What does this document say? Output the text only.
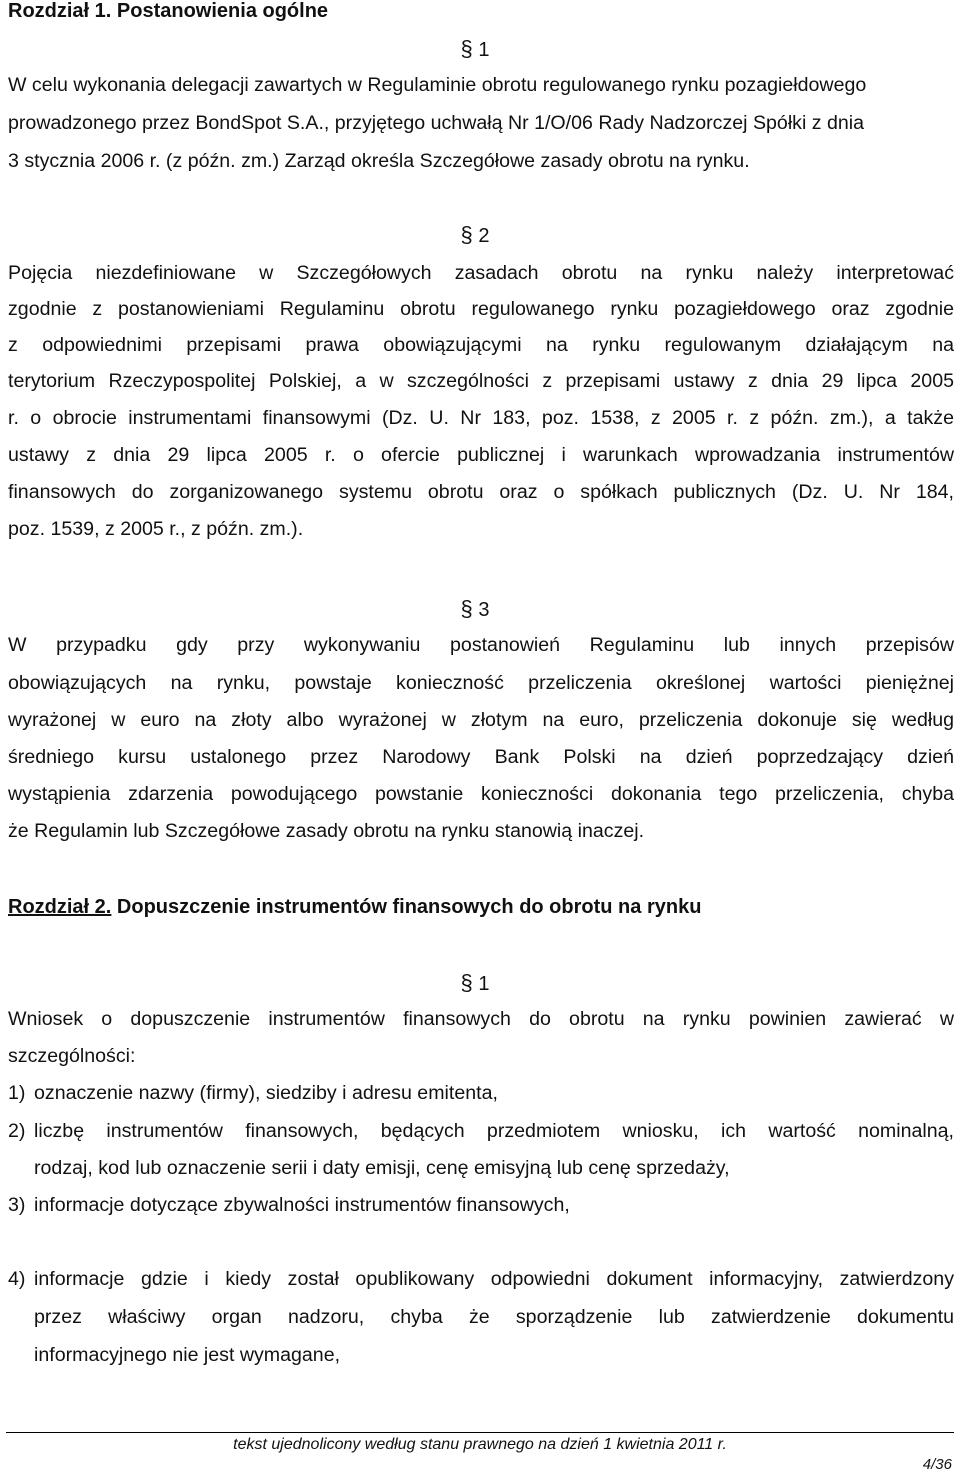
Rozdział 1. Postanowienia ogólne
§ 1
W celu wykonania delegacji zawartych w Regulaminie obrotu regulowanego rynku pozagiełdowego
prowadzonego przez BondSpot S.A., przyjętego uchwałą Nr 1/O/06 Rady Nadzorczej Spółki z dnia
3 stycznia 2006 r. (z późn. zm.) Zarząd określa Szczegółowe zasady obrotu na rynku.
§ 2
Pojęcia niezdefiniowane w Szczegółowych zasadach obrotu na rynku należy interpretować
zgodnie z postanowieniami Regulaminu obrotu regulowanego rynku pozagiełdowego oraz zgodnie
z odpowiednimi przepisami prawa obowiązującymi na rynku regulowanym działającym na
terytorium Rzeczypospolitej Polskiej, a w szczególności z przepisami ustawy z dnia 29 lipca 2005
r. o obrocie instrumentami finansowymi (Dz. U. Nr 183, poz. 1538, z 2005 r. z późn. zm.), a także
ustawy z dnia 29 lipca 2005 r. o ofercie publicznej i warunkach wprowadzania instrumentów
finansowych do zorganizowanego systemu obrotu oraz o spółkach publicznych (Dz. U. Nr 184,
poz. 1539, z 2005 r., z późn. zm.).
§ 3
W przypadku gdy przy wykonywaniu postanowień Regulaminu lub innych przepisów
obowiązujących na rynku, powstaje konieczność przeliczenia określonej wartości pieniężnej
wyrażonej w euro na złoty albo wyrażonej w złotym na euro, przeliczenia dokonuje się według
średniego kursu ustalonego przez Narodowy Bank Polski na dzień poprzedzający dzień
wystąpienia zdarzenia powodującego powstanie konieczności dokonania tego przeliczenia, chyba
że Regulamin lub Szczegółowe zasady obrotu na rynku stanowią inaczej.
Rozdział 2. Dopuszczenie instrumentów finansowych do obrotu na rynku
§ 1
Wniosek o dopuszczenie instrumentów finansowych do obrotu na rynku powinien zawierać w
szczególności:
1) oznaczenie nazwy (firmy), siedziby i adresu emitenta,
2) liczbę instrumentów finansowych, będących przedmiotem wniosku, ich wartość nominalną,
rodzaj, kod lub oznaczenie serii i daty emisji, cenę emisyjną lub cenę sprzedaży,
3) informacje dotyczące zbywalności instrumentów finansowych,
4) informacje gdzie i kiedy został opublikowany odpowiedni dokument informacyjny, zatwierdzony
przez właściwy organ nadzoru, chyba że sporządzenie lub zatwierdzenie dokumentu
informacyjnego nie jest wymagane,
tekst ujednolicony według stanu prawnego na dzień 1 kwietnia 2011 r.
4/36
